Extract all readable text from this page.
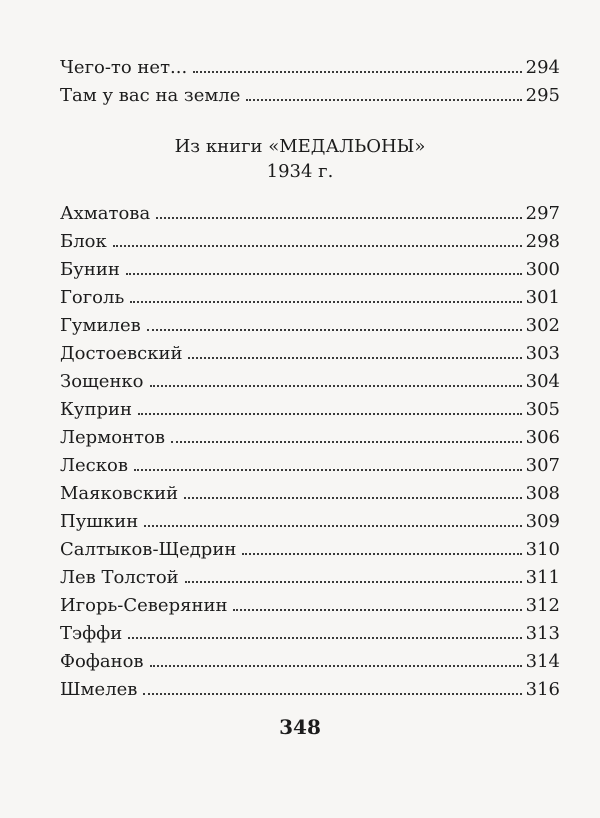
Чего-то нет...	294
Там у вас на земле	295
Из книги «МЕДАЛЬОНЫ»
1934 г.
Ахматова	297
Блок	298
Бунин	300
Гоголь	301
Гумилев	302
Достоевский	303
Зощенко	304
Куприн	305
Лермонтов	306
Лесков	307
Маяковский	308
Пушкин	309
Салтыков-Щедрин	310
Лев Толстой	311
Игорь-Северянин	312
Тэффи	313
Фофанов	314
Шмелев	316
348
